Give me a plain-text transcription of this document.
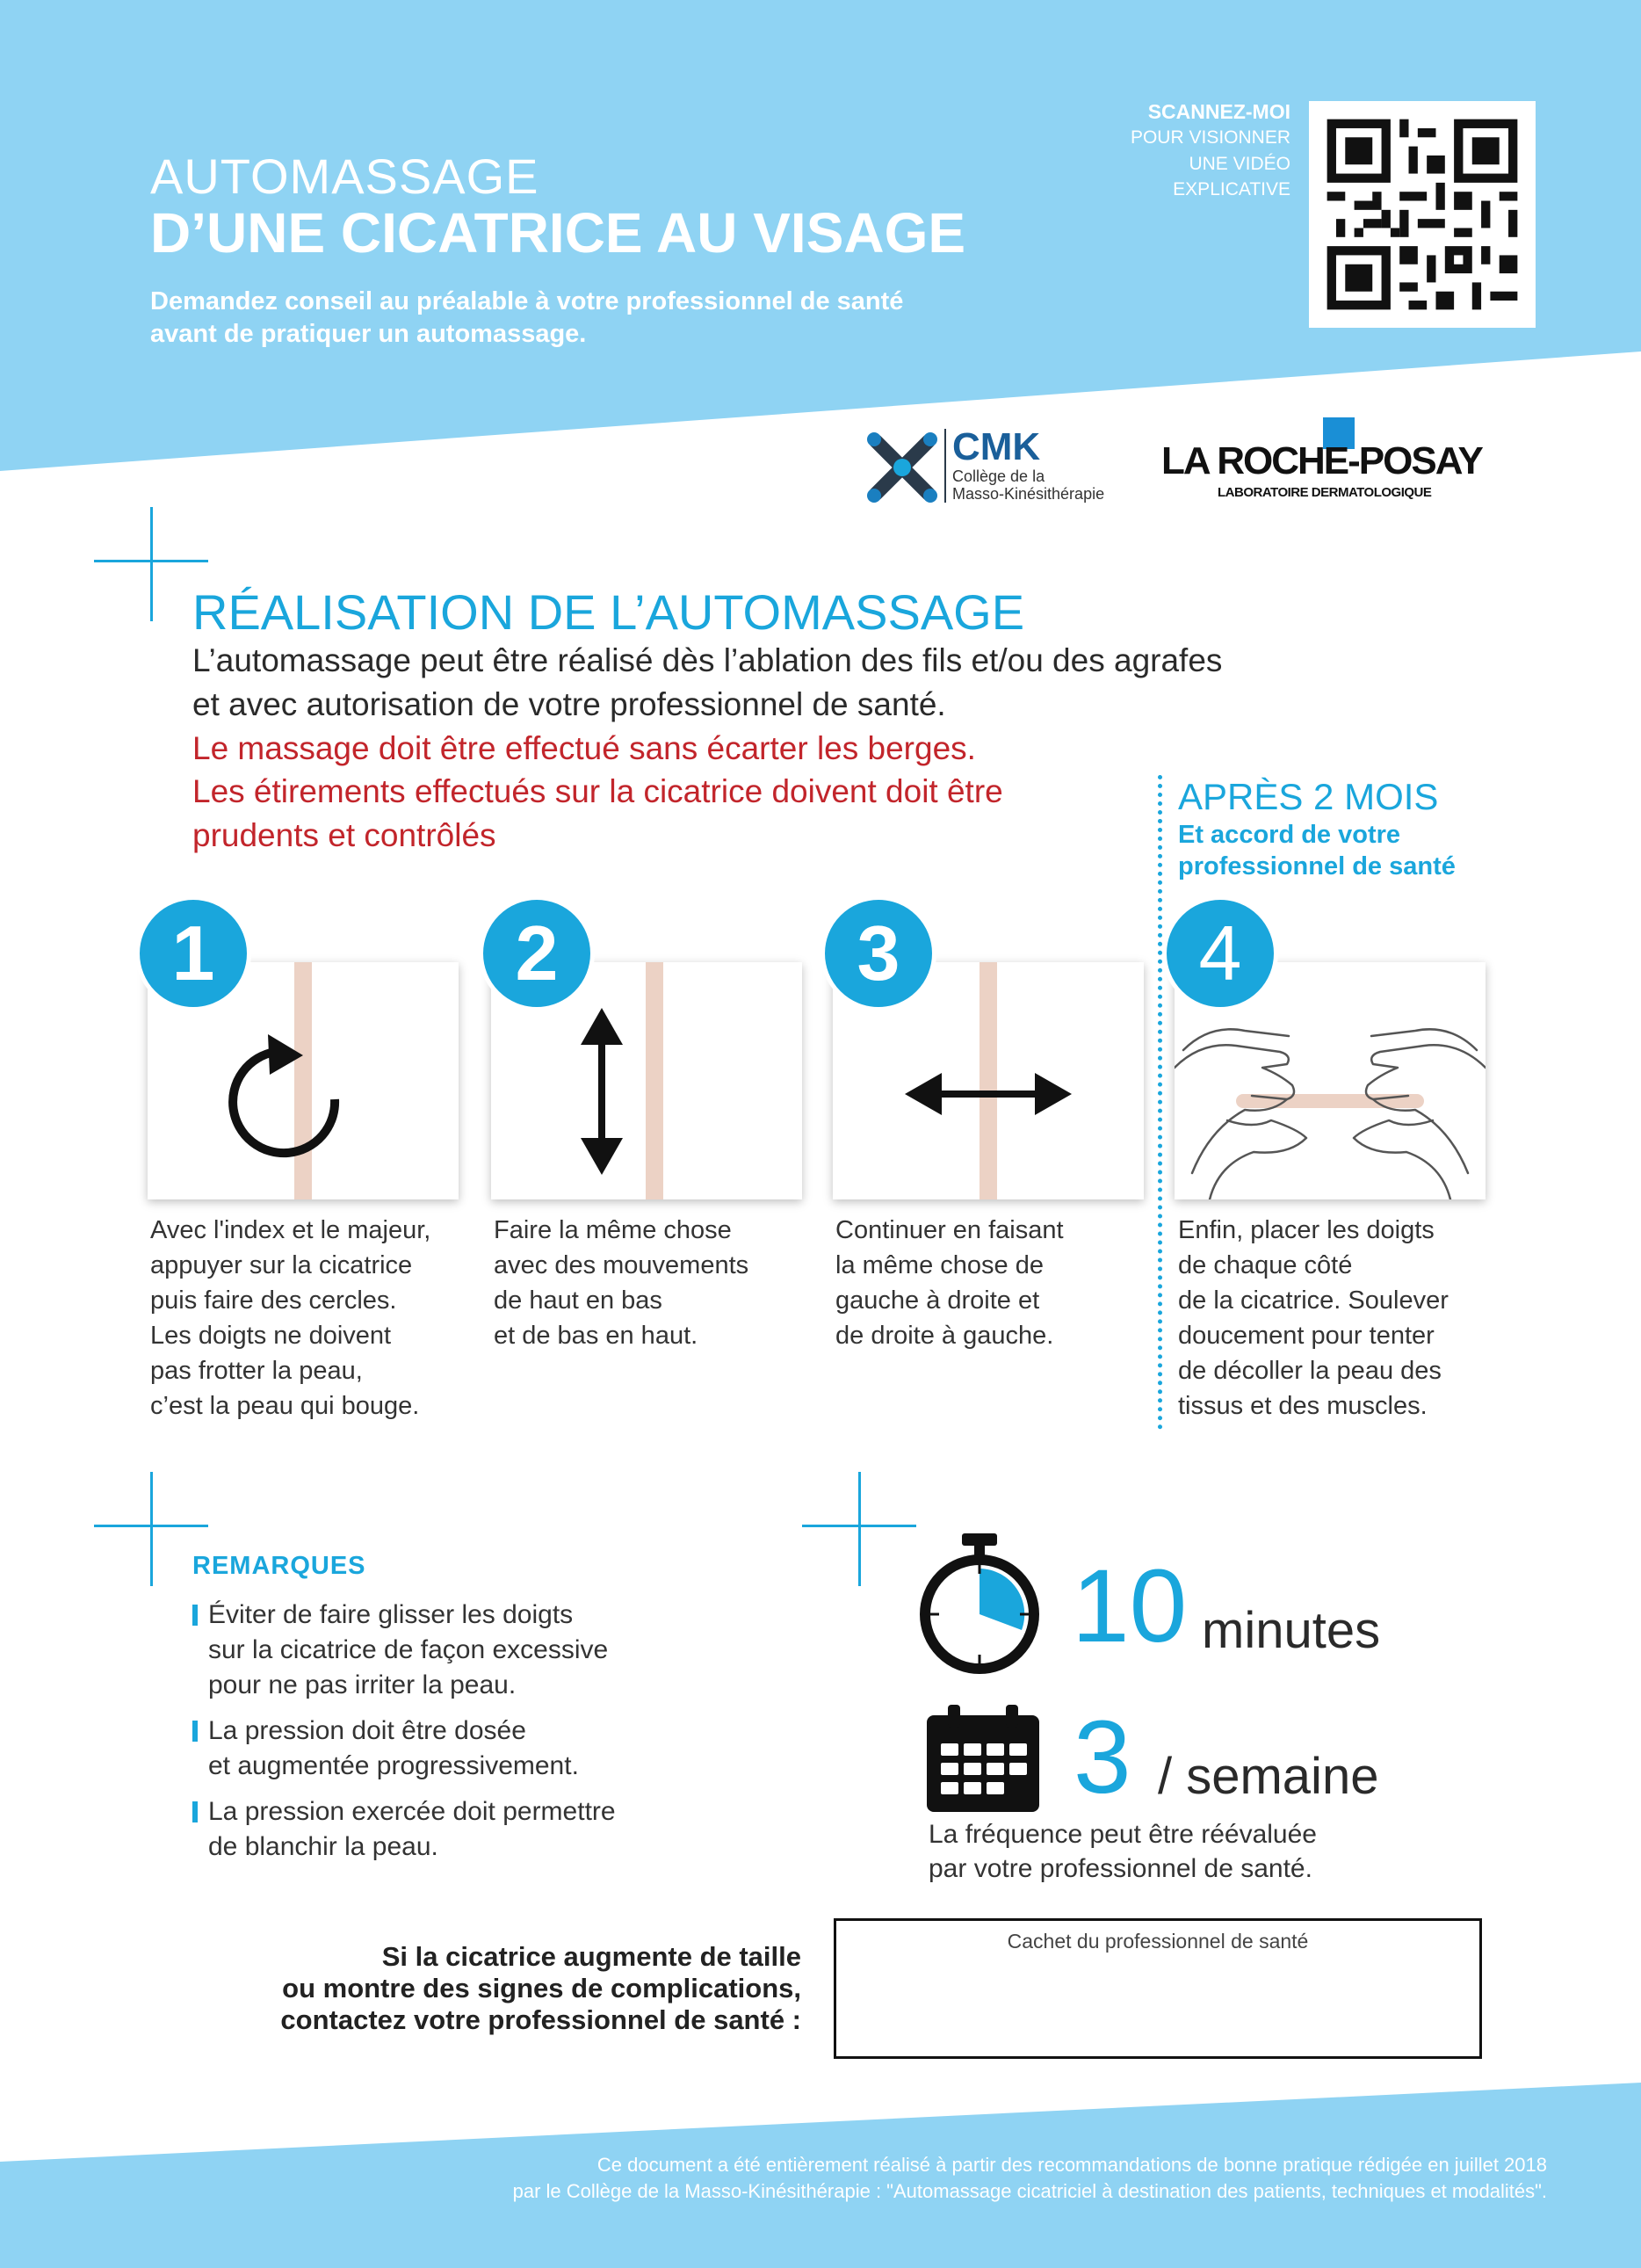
AUTOMASSAGE
D’UNE CICATRICE AU VISAGE
Demandez conseil au préalable à votre professionnel de santé
avant de pratiquer un automassage.
SCANNEZ-MOI
POUR VISIONNER
UNE VIDÉO
EXPLICATIVE
CMK
Collège de la
Masso-Kinésithérapie
LA ROCHE-POSAY
LABORATOIRE DERMATOLOGIQUE
RÉALISATION DE L’AUTOMASSAGE
L’automassage peut être réalisé dès l’ablation des fils et/ou des agrafes
et avec autorisation de votre professionnel de santé.
Le massage doit être effectué sans écarter les berges.
Les étirements effectués sur la cicatrice doivent doit être
prudents et contrôlés
APRÈS 2 MOIS
Et accord de votre
professionnel de santé
1
Avec l'index et le majeur,
appuyer sur la cicatrice
puis faire des cercles.
Les doigts ne doivent
pas frotter la peau,
c’est la peau qui bouge.
2
Faire la même chose
avec des mouvements
de haut en bas
et de bas en haut.
3
Continuer en faisant
la même chose de
gauche à droite et
de droite à gauche.
4
Enfin, placer les doigts
de chaque côté
de la cicatrice. Soulever
doucement pour tenter
de décoller la peau des
tissus et des muscles.
REMARQUES
Éviter de faire glisser les doigts
sur la cicatrice de façon excessive
pour ne pas irriter la peau.
La pression doit être dosée
et augmentée progressivement.
La pression exercée doit permettre
de blanchir la peau.
10 minutes
3 / semaine
La fréquence peut être réévaluée
par votre professionnel de santé.
Si la cicatrice augmente de taille
ou montre des signes de complications,
contactez votre professionnel de santé :
Cachet du professionnel de santé
Ce document a été entièrement réalisé à partir des recommandations de bonne pratique rédigée en juillet 2018
par le Collège de la Masso-Kinésithérapie : "Automassage cicatriciel à destination des patients, techniques et modalités".
